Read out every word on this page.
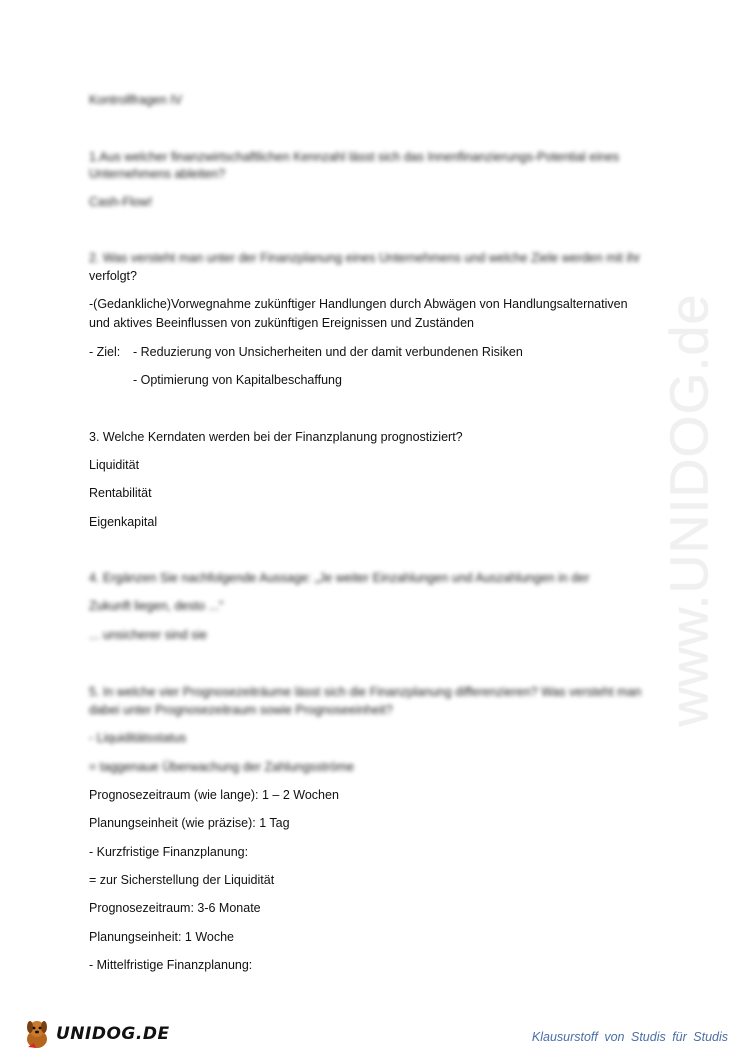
www.UNIDOG.de
Kontrollfragen IV
1.Aus welcher finanzwirtschaftlichen Kennzahl lässt sich das Innenfinanzierungs-Potential eines
Unternehmens ableiten?
Cash-Flow!
2. Was versteht man unter der Finanzplanung eines Unternehmens und welche Ziele werden mit ihr
verfolgt?
-(Gedankliche)Vorwegnahme zukünftiger Handlungen durch Abwägen von Handlungsalternativen
und aktives Beeinflussen von zukünftigen Ereignissen und Zuständen
- Ziel: - Reduzierung von Unsicherheiten und der damit verbundenen Risiken
- Optimierung von Kapitalbeschaffung
3. Welche Kerndaten werden bei der Finanzplanung prognostiziert?
Liquidität
Rentabilität
Eigenkapital
4. Ergänzen Sie nachfolgende Aussage: „Je weiter Einzahlungen und Auszahlungen in der
Zukunft liegen, desto ..."
... unsicherer sind sie
5. In welche vier Prognosezeiträume lässt sich die Finanzplanung differenzieren? Was versteht man
dabei unter Prognosezeitraum sowie Prognoseeinheit?
- Liquiditätsstatus
= taggenaue Überwachung der Zahlungsströme
Prognosezeitraum (wie lange): 1 – 2 Wochen
Planungseinheit (wie präzise): 1 Tag
- Kurzfristige Finanzplanung:
= zur Sicherstellung der Liquidität
Prognosezeitraum: 3-6 Monate
Planungseinheit: 1 Woche
- Mittelfristige Finanzplanung:
UNIDOG.DE	Klausurstoff von Studis für Studis
